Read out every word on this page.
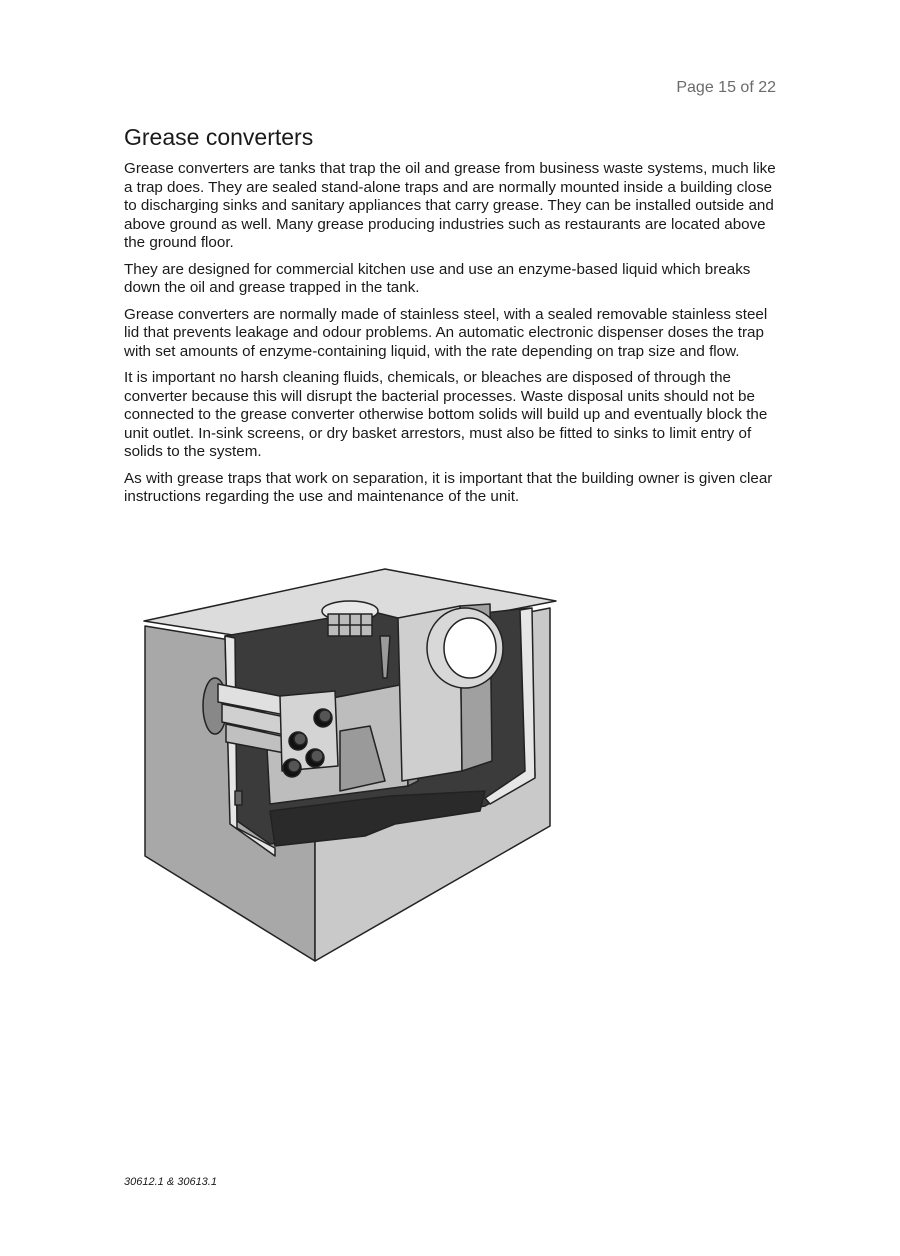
Page 15 of 22
Grease converters

Grease converters are tanks that trap the oil and grease from business waste systems, much like a trap does. They are sealed stand-alone traps and are normally mounted inside a building close to discharging sinks and sanitary appliances that carry grease. They can be installed outside and above ground as well. Many grease producing industries such as restaurants are located above the ground floor.

They are designed for commercial kitchen use and use an enzyme-based liquid which breaks down the oil and grease trapped in the tank.

Grease converters are normally made of stainless steel, with a sealed removable stainless steel lid that prevents leakage and odour problems. An automatic electronic dispenser doses the trap with set amounts of enzyme-containing liquid, with the rate depending on trap size and flow.

It is important no harsh cleaning fluids, chemicals, or bleaches are disposed of through the converter because this will disrupt the bacterial processes. Waste disposal units should not be connected to the grease converter otherwise bottom solids will build up and eventually block the unit outlet. In-sink screens, or dry basket arrestors, must also be fitted to sinks to limit entry of solids to the system.

As with grease traps that work on separation, it is important that the building owner is given clear instructions regarding the use and maintenance of the unit.

30612.1 & 30613.1
